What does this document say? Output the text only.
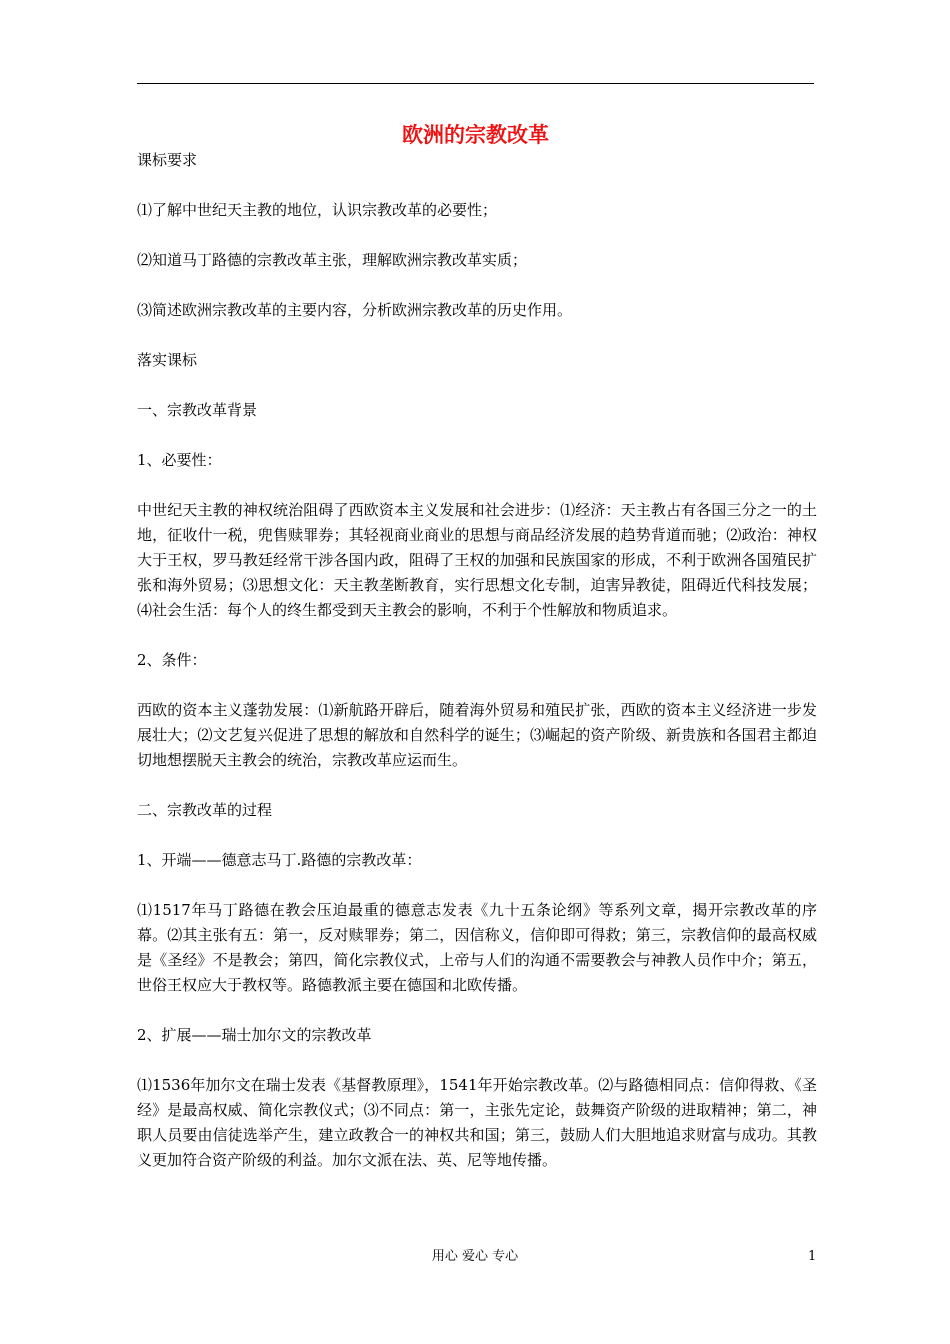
欧洲的宗教改革

课标要求

⑴了解中世纪天主教的地位，认识宗教改革的必要性；

⑵知道马丁路德的宗教改革主张，理解欧洲宗教改革实质；

⑶简述欧洲宗教改革的主要内容，分析欧洲宗教改革的历史作用。

落实课标

一、宗教改革背景

1、必要性：

中世纪天主教的神权统治阻碍了西欧资本主义发展和社会进步：⑴经济：天主教占有各国三分之一的土地，征收什一税，兜售赎罪券；其轻视商业商业的思想与商品经济发展的趋势背道而驰；⑵政治：神权大于王权，罗马教廷经常干涉各国内政，阻碍了王权的加强和民族国家的形成，不利于欧洲各国殖民扩张和海外贸易；⑶思想文化：天主教垄断教育，实行思想文化专制，迫害异教徒，阻碍近代科技发展；⑷社会生活：每个人的终生都受到天主教会的影响，不利于个性解放和物质追求。

2、条件：

西欧的资本主义蓬勃发展：⑴新航路开辟后，随着海外贸易和殖民扩张，西欧的资本主义经济进一步发展壮大；⑵文艺复兴促进了思想的解放和自然科学的诞生；⑶崛起的资产阶级、新贵族和各国君主都迫切地想摆脱天主教会的统治，宗教改革应运而生。

二、宗教改革的过程

1、开端——德意志马丁.路德的宗教改革：

⑴1517年马丁路德在教会压迫最重的德意志发表《九十五条论纲》等系列文章，揭开宗教改革的序幕。⑵其主张有五：第一，反对赎罪券；第二，因信称义，信仰即可得救；第三，宗教信仰的最高权威是《圣经》不是教会；第四，简化宗教仪式，上帝与人们的沟通不需要教会与神教人员作中介；第五，世俗王权应大于教权等。路德教派主要在德国和北欧传播。

2、扩展——瑞士加尔文的宗教改革

⑴1536年加尔文在瑞士发表《基督教原理》，1541年开始宗教改革。⑵与路德相同点：信仰得救、《圣经》是最高权威、简化宗教仪式；⑶不同点：第一，主张先定论，鼓舞资产阶级的进取精神；第二，神职人员要由信徒选举产生，建立政教合一的神权共和国；第三，鼓励人们大胆地追求财富与成功。其教义更加符合资产阶级的利益。加尔文派在法、英、尼等地传播。

用心 爱心 专心	1
